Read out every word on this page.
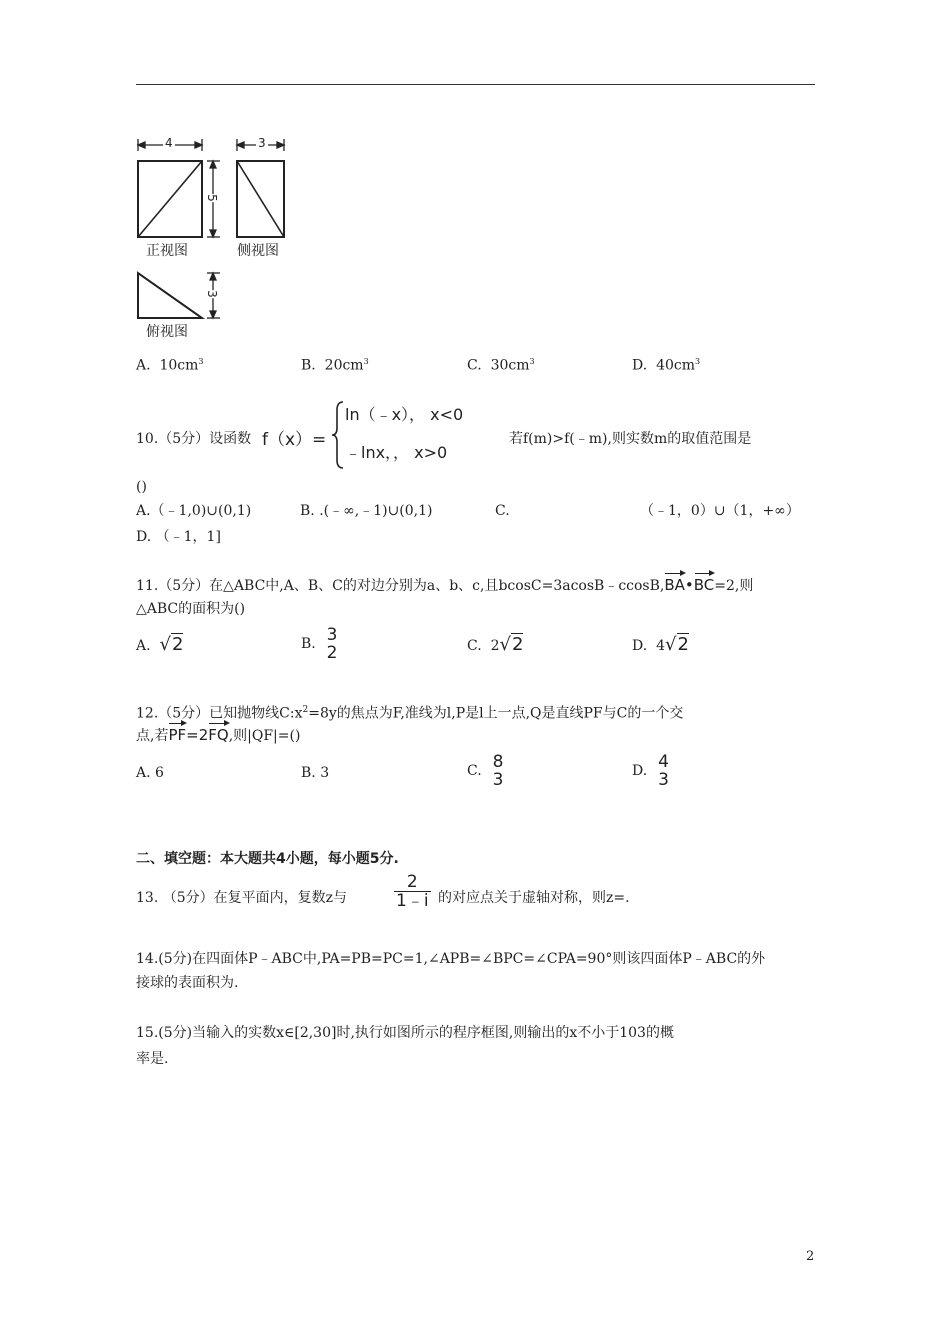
4	3
5
3
正视图	侧视图
俯视图
A. $10cm^3$	B. $20cm^3$	C. $30cm^3$	D. $40cm^3$
10.（5分）设函数 f（x）=
ln（﹣x）， x<0
﹣lnx，， x>0
若f(m)>f(﹣m),则实数m的取值范围是
()
A.（﹣1,0)∪(0,1)	B. .(﹣∞,﹣1)∪(0,1)	C.	（﹣1，0）∪（1，+∞）
D. （﹣1，1]
11.（5分）在△ABC中,A、B、C的对边分别为a、b、c,且bcosC=3acosB﹣ccosB,BA•BC=2,则
△ABC的面积为()
A. √2	B. 3
2	C. 2√2	D. 4√2
12.（5分）已知抛物线$C:x^2=8y$的焦点为F,准线为l,P是l上一点,Q是直线PF与C的一个交
点,若PF=2FQ,则|QF|=()
A. 6	B. 3	C. 8
3	D. 4
3
二、填空题：本大题共4小题，每小题5分.
13. （5分）在复平面内，复数z与	$\frac{2}{1﹣i}$ 的对应点关于虚轴对称，则z=.
14.(5分)在四面体P﹣ABC中,PA=PB=PC=1,∠APB=∠BPC=∠CPA=90°则该四面体P﹣ABC的外
接球的表面积为.
15.(5分)当输入的实数x∈[2,30]时,执行如图所示的程序框图,则输出的x不小于103的概
率是.
2
